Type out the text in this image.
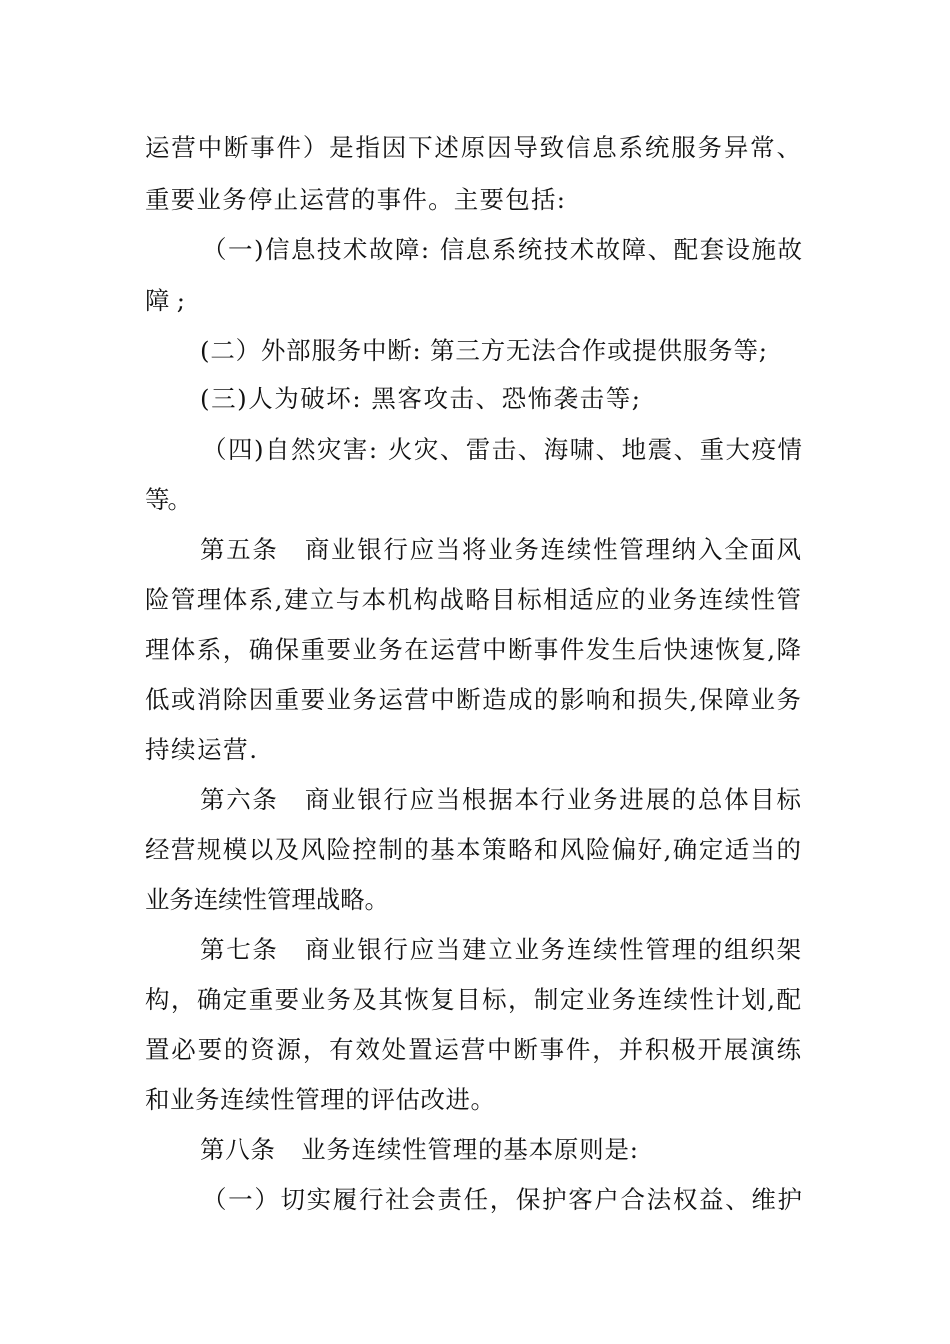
运营中断事件）是指因下述原因导致信息系统服务异常、
重要业务停止运营的事件。主要包括:
（一)信息技术故障: 信息系统技术故障、配套设施故
障;
(二）外部服务中断: 第三方无法合作或提供服务等;
(三)人为破坏: 黑客攻击、恐怖袭击等;
（四)自然灾害: 火灾、雷击、海啸、地震、重大疫情
等。
第五条　商业银行应当将业务连续性管理纳入全面风
险管理体系,建立与本机构战略目标相适应的业务连续性管
理体系，确保重要业务在运营中断事件发生后快速恢复,降
低或消除因重要业务运营中断造成的影响和损失,保障业务
持续运营.
第六条　商业银行应当根据本行业务进展的总体目标
经营规模以及风险控制的基本策略和风险偏好,确定适当的
业务连续性管理战略。
第七条　商业银行应当建立业务连续性管理的组织架
构，确定重要业务及其恢复目标，制定业务连续性计划,配
置必要的资源，有效处置运营中断事件，并积极开展演练
和业务连续性管理的评估改进。
第八条　业务连续性管理的基本原则是:
（一）切实履行社会责任，保护客户合法权益、维护
